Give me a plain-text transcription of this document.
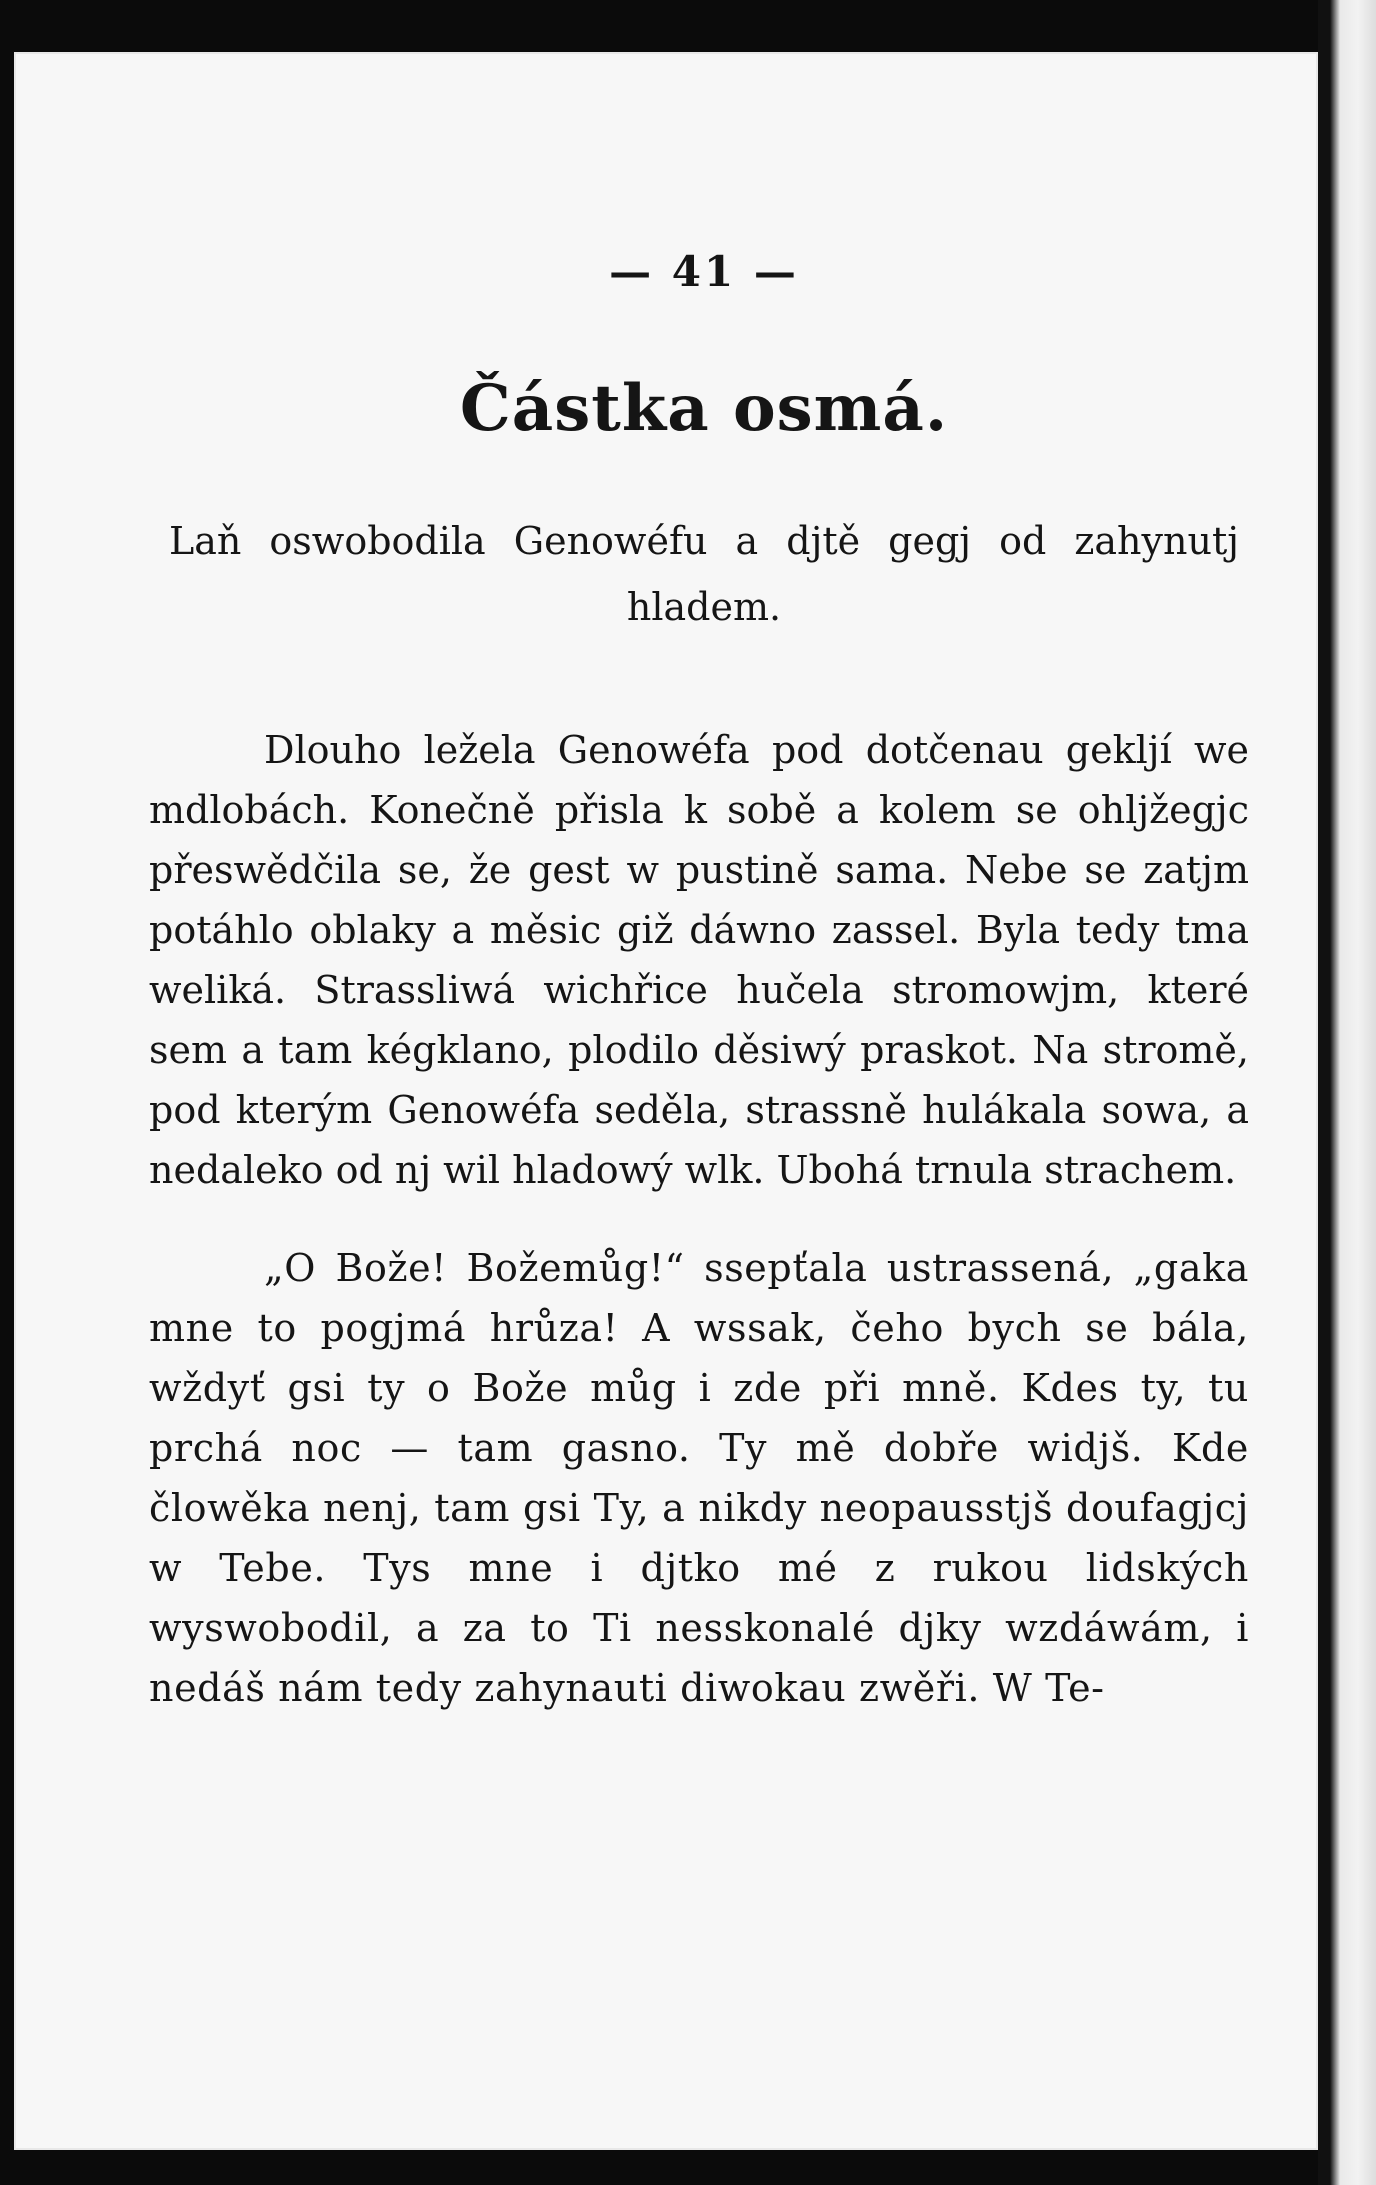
— 41 —
Částka osmá.
Laň oswobodila Genowéfu a djtě gegj od zahynutj hladem.

Dlouho ležela Genowéfa pod dotčenau gekljí we mdlobách. Konečně přisla k sobě a kolem se ohljžegjc přeswědčila se, že gest w pustině sama. Nebe se zatjm potáhlo oblaky a měsic giž dáwno zassel. Byla tedy tma weliká. Strassliwá wichřice hučela stromowjm, které sem a tam kégklano, plodilo děsiwý praskot. Na stromě, pod kterým Genowéfa seděla, strassně hulákala sowa, a nedaleko od nj wil hladowý wlk. Ubohá trnula strachem.

„O Bože! Božemůg!“ ssepťala ustrassená, „gaka mne to pogjmá hrůza! A wssak, čeho bych se bála, wždyť gsi ty o Bože můg i zde při mně. Kdes ty, tu prchá noc — tam gasno. Ty mě dobře widjš. Kde člowěka nenj, tam gsi Ty, a nikdy neopausstjš doufagjcj w Tebe. Tys mne i djtko mé z rukou lidských wyswobodil, a za to Ti nesskonalé djky wzdáwám, i nedáš nám tedy zahynauti diwokau zwěři. W Te-
